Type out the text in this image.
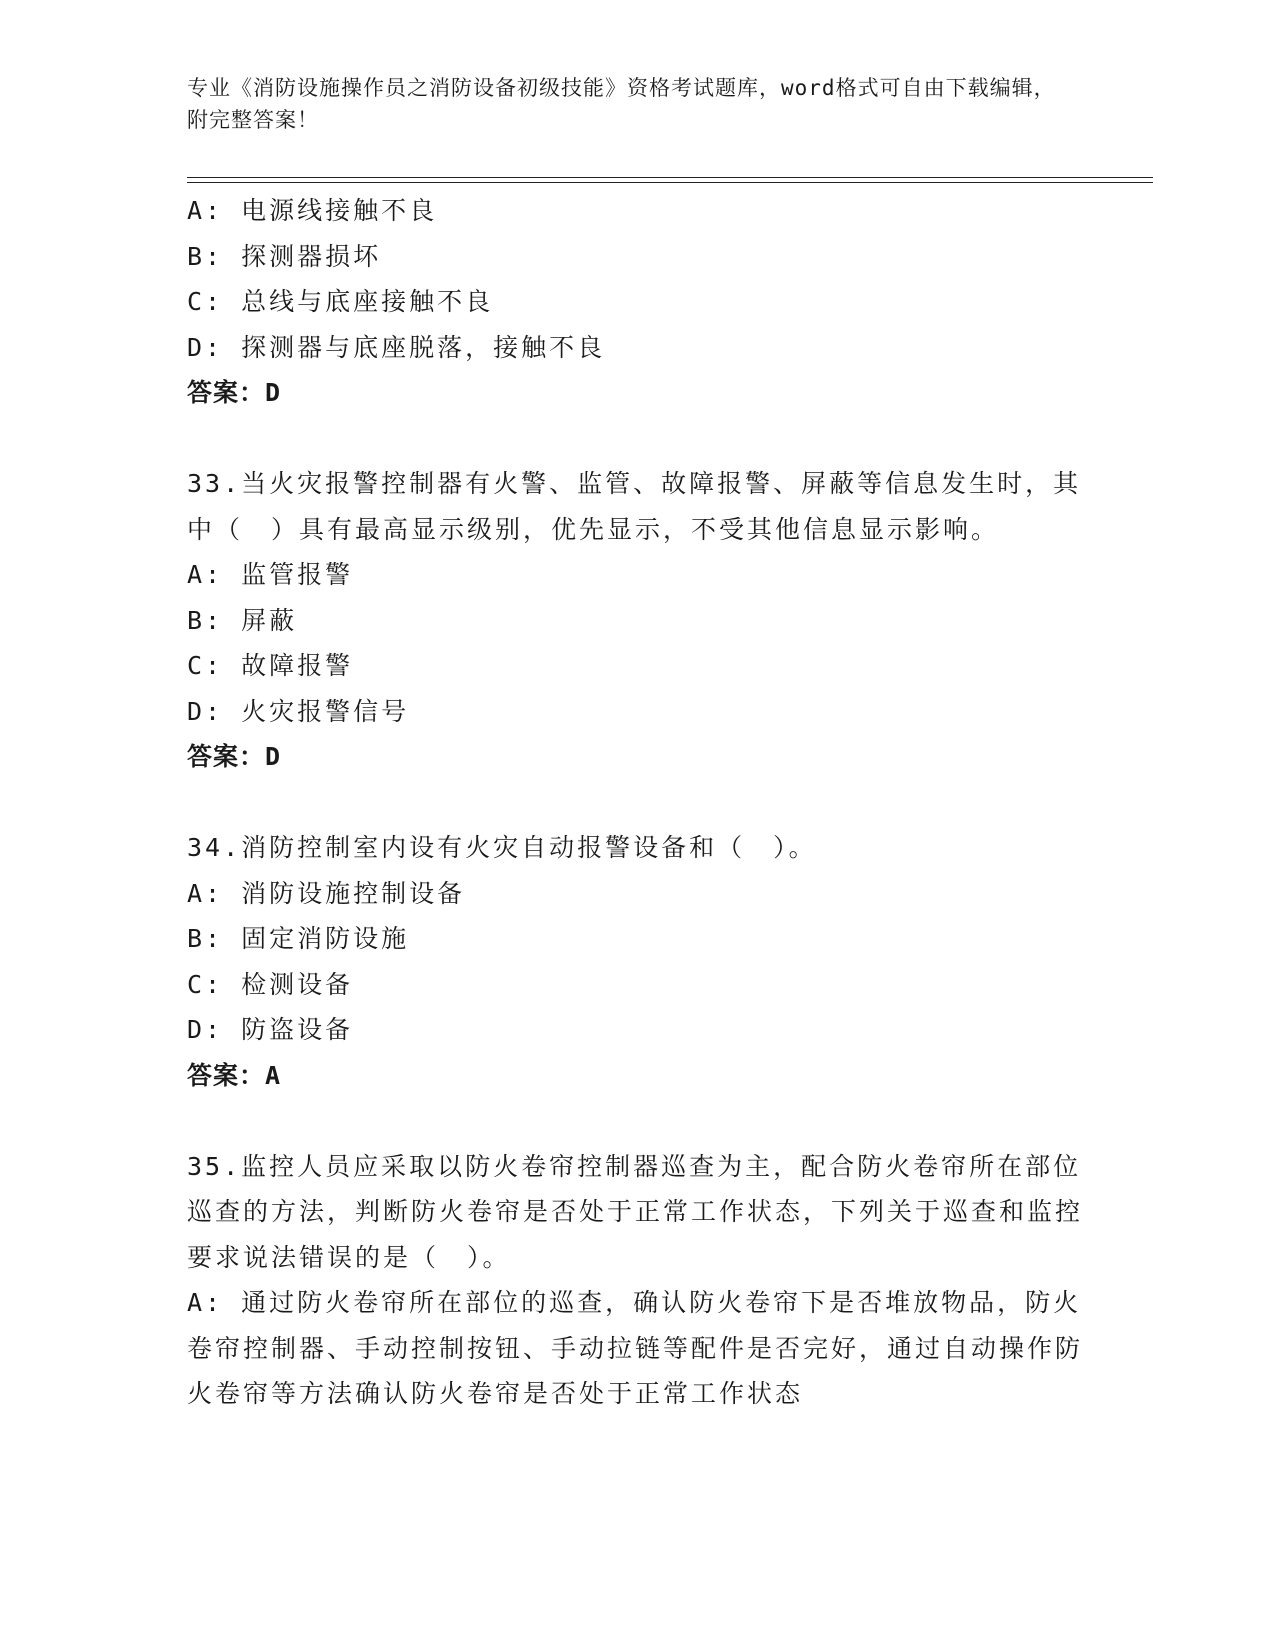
专业《消防设施操作员之消防设备初级技能》资格考试题库，word格式可自由下载编辑，附完整答案！
A: 电源线接触不良
B: 探测器损坏
C: 总线与底座接触不良
D: 探测器与底座脱落，接触不良
答案：D
33.当火灾报警控制器有火警、监管、故障报警、屏蔽等信息发生时，其中（　）具有最高显示级别，优先显示，不受其他信息显示影响。
A: 监管报警
B: 屏蔽
C: 故障报警
D: 火灾报警信号
答案：D
34.消防控制室内设有火灾自动报警设备和（　）。
A: 消防设施控制设备
B: 固定消防设施
C: 检测设备
D: 防盗设备
答案：A
35.监控人员应采取以防火卷帘控制器巡查为主，配合防火卷帘所在部位巡查的方法，判断防火卷帘是否处于正常工作状态，下列关于巡查和监控要求说法错误的是（　）。
A: 通过防火卷帘所在部位的巡查，确认防火卷帘下是否堆放物品，防火卷帘控制器、手动控制按钮、手动拉链等配件是否完好，通过自动操作防火卷帘等方法确认防火卷帘是否处于正常工作状态
